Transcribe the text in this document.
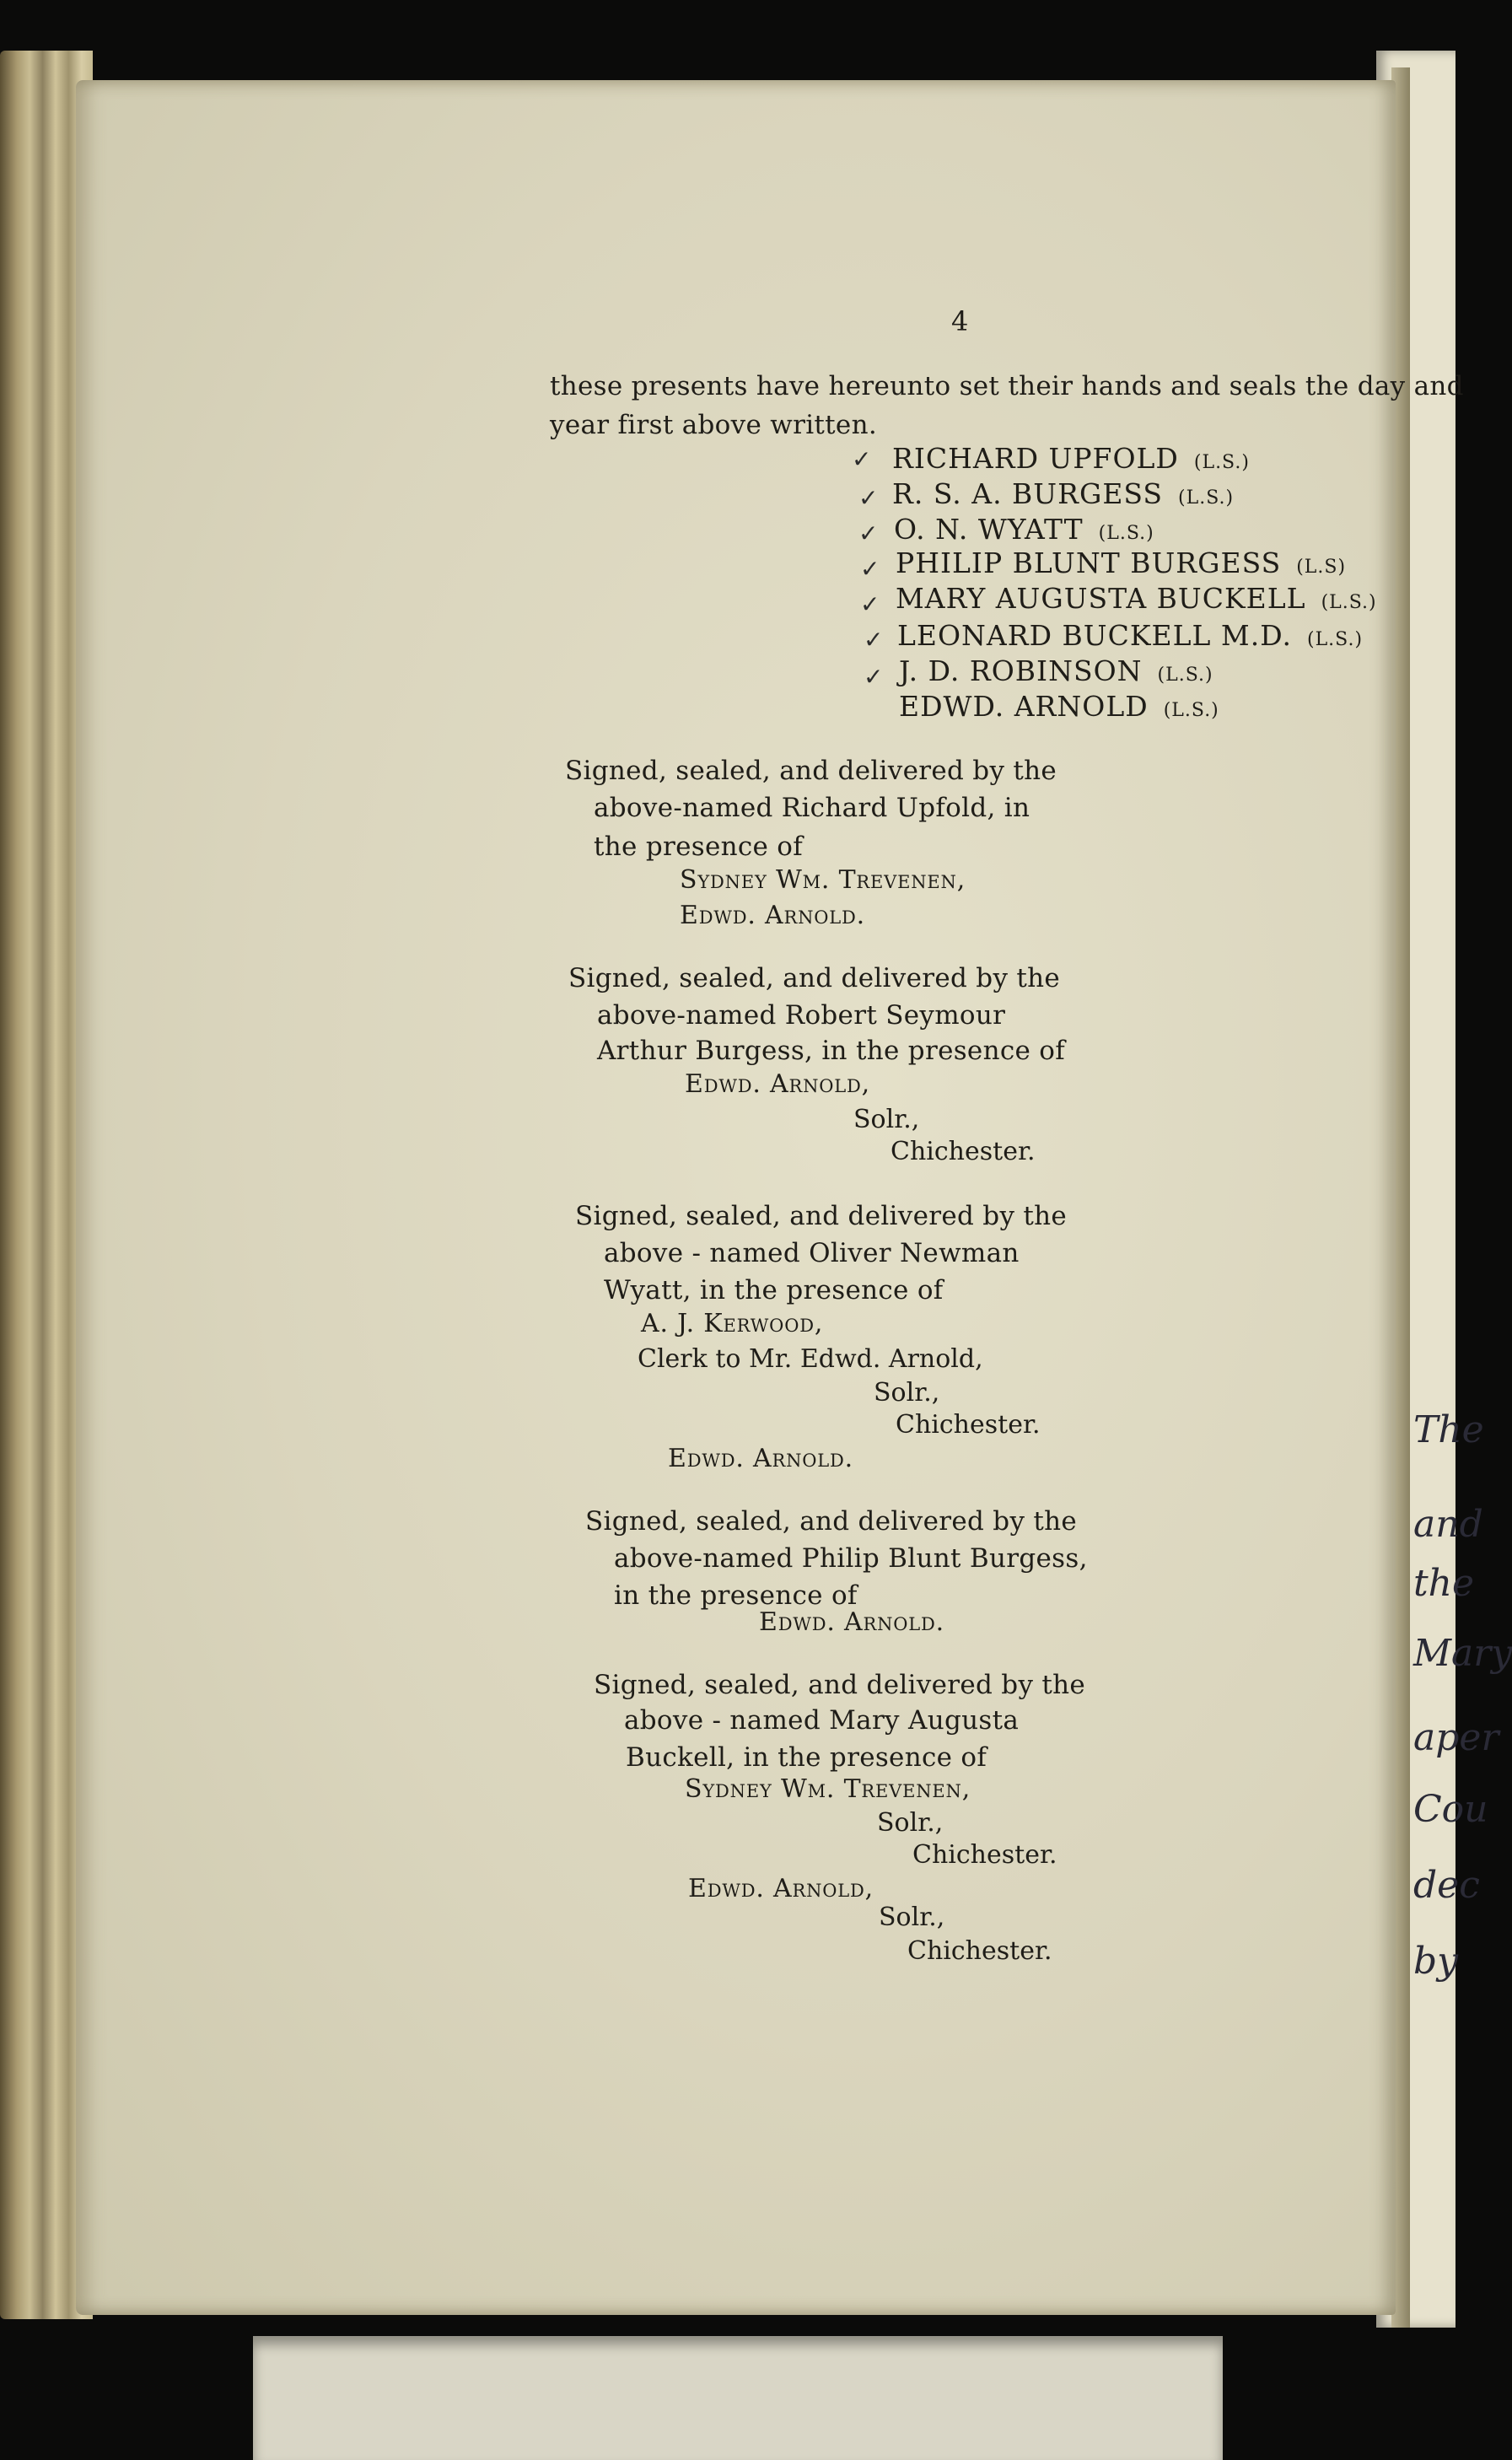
The
and
the
Mary
aper
Cou
dec
by
4
these presents have hereunto set their hands and seals the day and
year first above written.
✓ RICHARD UPFOLD (L.S.)
✓ R. S. A. BURGESS (L.S.)
✓ O. N. WYATT (L.S.)
✓ PHILIP BLUNT BURGESS (L.S)
✓ MARY AUGUSTA BUCKELL (L.S.)
✓ LEONARD BUCKELL M.D. (L.S.)
✓ J. D. ROBINSON (L.S.)
EDWD. ARNOLD (L.S.)
Signed, sealed, and delivered by the
above-named Richard Upfold, in
the presence of
Sydney Wm. Trevenen,
Edwd. Arnold.
Signed, sealed, and delivered by the
above-named Robert Seymour
Arthur Burgess, in the presence of
Edwd. Arnold,
Solr.,
Chichester.
Signed, sealed, and delivered by the
above - named Oliver Newman
Wyatt, in the presence of
A. J. Kerwood,
Clerk to Mr. Edwd. Arnold,
Solr.,
Chichester.
Edwd. Arnold.
Signed, sealed, and delivered by the
above-named Philip Blunt Burgess,
in the presence of
Edwd. Arnold.
Signed, sealed, and delivered by the
above - named Mary Augusta
Buckell, in the presence of
Sydney Wm. Trevenen,
Solr.,
Chichester.
Edwd. Arnold,
Solr.,
Chichester.
